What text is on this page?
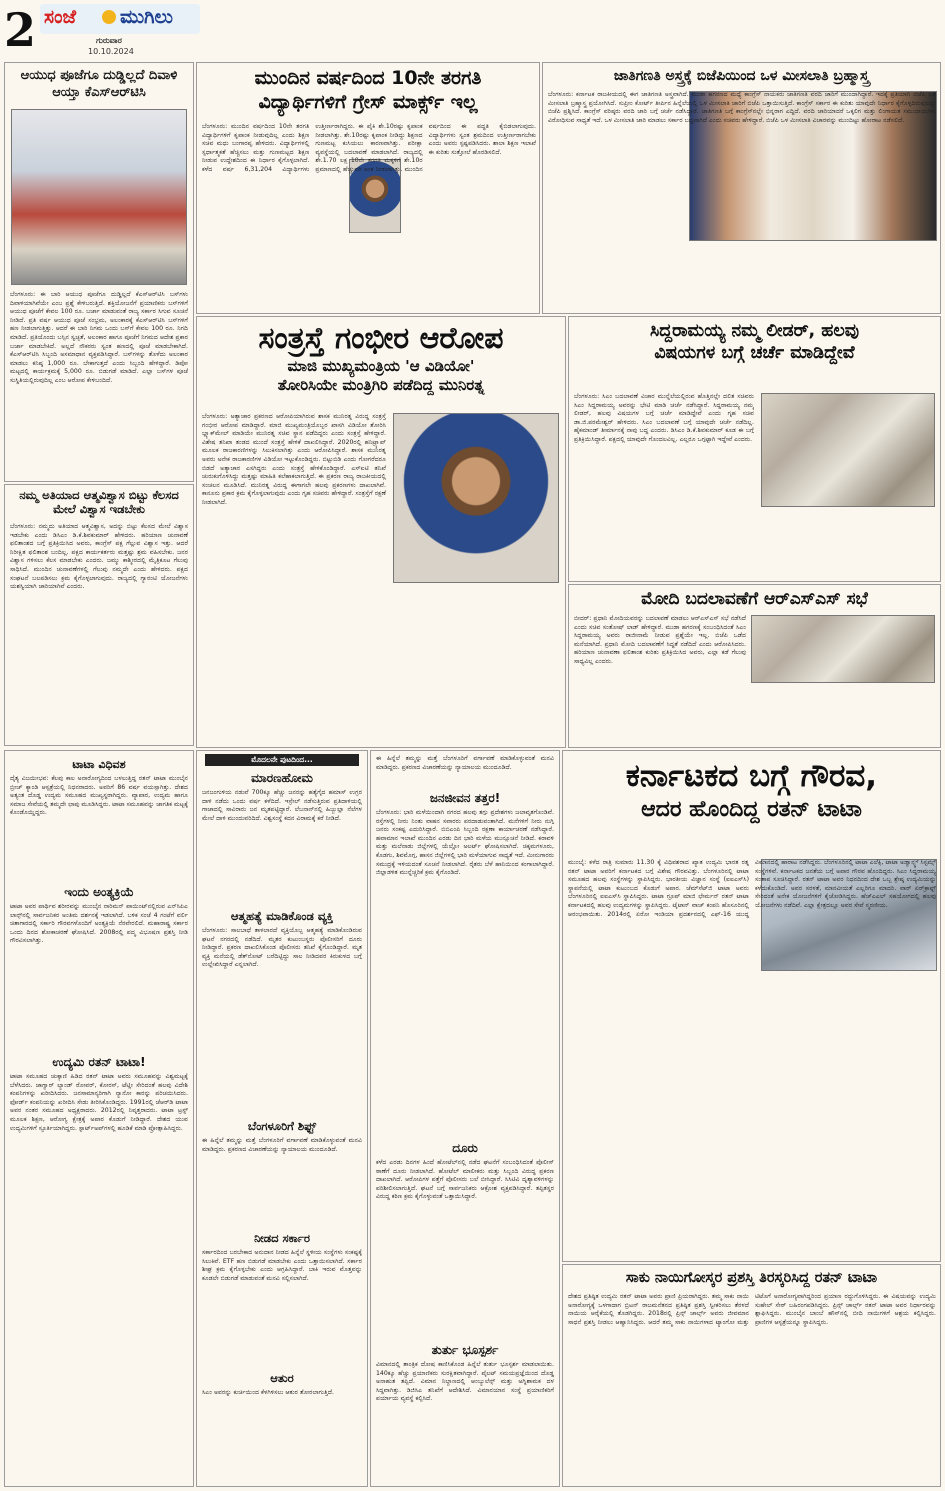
2 ಸಂಜೆ ಮುಗಿಲು
ಗುರುವಾರ
10.10.2024
ಆಯುಧ ಪೂಜೆಗೂ ದುಡ್ಡಿಲ್ಲದೆ ದಿವಾಳಿ ಆಯ್ತಾ ಕೆಎಸ್‌ಆರ್‌ಟಿಸಿ
ಬೆಂಗಳೂರು: ಈ ಬಾರಿ ಆಯುಧ ಪೂಜೆಗೂ ದುಡ್ಡಿಲ್ಲದೆ ಕೆಎಸ್‌ಆರ್‌ಟಿಸಿ ಬಸ್‌ಗಳು ದಿವಾಳಿಯಾಗಿವೆಯೇ ಎಂಬ ಪ್ರಶ್ನೆ ಕೇಳಿಬರುತ್ತಿದೆ. ಶಕ್ತಿಯೋಜನೆಗೆ ಪ್ರಯಾಣಿಕರು ಬಸ್‌ಗಳಿಗೆ ಆಯುಧ ಪೂಜೆಗೆ ಕೇವಲ 100 ರೂ. ಬರ್ಜಾ ಮಾಡುವಂತೆ ರಾಜ್ಯ ಸರ್ಕಾರ ಸಿಗುವ ಸೂಚನೆ ನೀಡಿದೆ. ಪ್ರತಿ ವರ್ಷ ಆಯುಧ ಪೂಜೆ ಸಂಭ್ರಮ, ಅಲಂಕಾರಕ್ಕೆ ಕೆಎಸ್‌ಆರ್‌ಟಿಸಿ ಬಸ್‌ಗಳಿಗೆ ಹಣ ನೀಡಲಾಗುತ್ತಿತ್ತು. ಆದರೆ ಈ ಬಾರಿ ನಿಗಮ ಒಂದು ಬಸ್‌ಗೆ ಕೇವಲ 100 ರೂ. ನಿಗದಿ ಮಾಡಿದೆ. ಪ್ರತಿಯೊಂದು ಬಸ್ಸಿನ ಸ್ವಚ್ಛತೆ, ಅಲಂಕಾರ ಹಾಗೂ ಪೂಜೆಗೆ ನಿಗಮದ ಆದೇಶ ಪ್ರಕಾರ ಬರ್ಜಾ ಮಾಡಬೇಕಿದೆ. ಅಲ್ಲದೆ ನೌಕರರು ಸ್ವಂತ ಹಣದಲ್ಲಿ ಪೂಜೆ ಮಾಡಬೇಕಾಗಿದೆ. ಕೆಎಸ್‌ಆರ್‌ಟಿಸಿ ಸಿಬ್ಬಂದಿ ಅಸಮಾಧಾನ ವ್ಯಕ್ತಪಡಿಸಿದ್ದಾರೆ. ಬಸ್‌ಗಳನ್ನು ತೊಳೆದು ಅಲಂಕಾರ ಮಾಡಲು ಕನಿಷ್ಠ 1,000 ರೂ. ಬೇಕಾಗುತ್ತದೆ ಎಂದು ಸಿಬ್ಬಂದಿ ಹೇಳಿದ್ದಾರೆ. ಡಿಪೋ ಮಟ್ಟದಲ್ಲಿ ಕಾರ್ಯಕ್ರಮಕ್ಕೆ 5,000 ರೂ. ಬಿಡುಗಡೆ ಮಾಡಿದೆ. ಎಲ್ಲಾ ಬಸ್‌ಗಳ ಪೂಜೆ ಸುಸ್ಥಿತಿಯಲ್ಲಿರುವುದಿಲ್ಲ ಎಂಬ ಆರೋಪ ಕೇಳಿಬಂದಿದೆ.
ನಮ್ಮ ಅತಿಯಾದ ಆತ್ಮವಿಶ್ವಾಸ ಬಿಟ್ಟು ಕೆಲಸದ ಮೇಲೆ ವಿಶ್ವಾಸ ಇಡಬೇಕು
ಬೆಂಗಳೂರು: ನಮ್ಮದು ಅತಿಯಾದ ಆತ್ಮವಿಶ್ವಾಸ, ಅದನ್ನು ಬಿಟ್ಟು ಕೆಲಸದ ಮೇಲೆ ವಿಶ್ವಾಸ ಇಡಬೇಕು ಎಂದು ಡಿಸಿಎಂ ಡಿ.ಕೆ.ಶಿವಕುಮಾರ್ ಹೇಳಿದರು. ಹರಿಯಾಣ ಚುನಾವಣೆ ಫಲಿತಾಂಶದ ಬಗ್ಗೆ ಪ್ರತಿಕ್ರಿಯಿಸಿದ ಅವರು, ಕಾಂಗ್ರೆಸ್ ಪಕ್ಷ ಗೆಲ್ಲುವ ವಿಶ್ವಾಸ ಇತ್ತು. ಆದರೆ ನಿರೀಕ್ಷಿತ ಫಲಿತಾಂಶ ಬಂದಿಲ್ಲ. ಪಕ್ಷದ ಕಾರ್ಯಕರ್ತರು ಮತ್ತಷ್ಟು ಶ್ರಮ ವಹಿಸಬೇಕು. ಜನರ ವಿಶ್ವಾಸ ಗಳಿಸಲು ಕೆಲಸ ಮಾಡಬೇಕು ಎಂದರು. ಜಮ್ಮು ಕಾಶ್ಮೀರದಲ್ಲಿ ಮೈತ್ರಿಕೂಟ ಗೆಲುವು ಸಾಧಿಸಿದೆ. ಮುಂದಿನ ಚುನಾವಣೆಗಳಲ್ಲಿ ಗೆಲುವು ನಮ್ಮದೇ ಎಂದು ಹೇಳಿದರು. ಪಕ್ಷದ ಸಂಘಟನೆ ಬಲಪಡಿಸಲು ಕ್ರಮ ಕೈಗೊಳ್ಳಲಾಗುವುದು. ರಾಜ್ಯದಲ್ಲಿ ಗ್ಯಾರಂಟಿ ಯೋಜನೆಗಳು ಯಶಸ್ವಿಯಾಗಿ ಜಾರಿಯಾಗಿವೆ ಎಂದರು.
ಮುಂದಿನ ವರ್ಷದಿಂದ 10ನೇ ತರಗತಿ
ವಿದ್ಯಾರ್ಥಿಗಳಿಗೆ ಗ್ರೇಸ್ ಮಾರ್ಕ್ಸ್ ಇಲ್ಲ
ಬೆಂಗಳೂರು: ಮುಂದಿನ ವರ್ಷದಿಂದ 10ನೇ ತರಗತಿ ವಿದ್ಯಾರ್ಥಿಗಳಿಗೆ ಕೃಪಾಂಕ ನೀಡುವುದಿಲ್ಲ ಎಂದು ಶಿಕ್ಷಣ ಸಚಿವ ಮಧು ಬಂಗಾರಪ್ಪ ಹೇಳಿದರು. ವಿದ್ಯಾರ್ಥಿಗಳಲ್ಲಿ ಸ್ಪರ್ಧಾತ್ಮಕತೆ ಹೆಚ್ಚಿಸಲು ಮತ್ತು ಗುಣಮಟ್ಟದ ಶಿಕ್ಷಣ ನೀಡುವ ಉದ್ದೇಶದಿಂದ ಈ ನಿರ್ಧಾರ ಕೈಗೊಳ್ಳಲಾಗಿದೆ. ಕಳೆದ ವರ್ಷ 6,31,204 ವಿದ್ಯಾರ್ಥಿಗಳು ಉತ್ತೀರ್ಣರಾಗಿದ್ದರು. ಈ ಪೈಕಿ ಶೇ.10ರಷ್ಟು ಕೃಪಾಂಕ ನೀಡಲಾಗಿತ್ತು. ಶೇ.10ರಷ್ಟು ಕೃಪಾಂಕ ನೀಡಿದ್ದು ಶಿಕ್ಷಣದ ಗುಣಮಟ್ಟ ಕುಸಿಯಲು ಕಾರಣವಾಗಿತ್ತು. ಪರೀಕ್ಷಾ ವ್ಯವಸ್ಥೆಯಲ್ಲಿ ಬದಲಾವಣೆ ಮಾಡಲಾಗಿದೆ. ರಾಜ್ಯದಲ್ಲಿ ಶೇ.1.70 ಲಕ್ಷ 10ನೇ ತರಗತಿ ಮಕ್ಕಳಿಗೆ ಶೇ.10ರ ಪ್ರಮಾಣದಲ್ಲಿ ಹೆಚ್ಚುವರಿ ಅಂಕ ನೀಡಲಾಗಿತ್ತು. ಮುಂದಿನ ವರ್ಷದಿಂದ ಈ ಪದ್ಧತಿ ಕೈಬಿಡಲಾಗುವುದು. ವಿದ್ಯಾರ್ಥಿಗಳು ಸ್ವಂತ ಶ್ರಮದಿಂದ ಉತ್ತೀರ್ಣರಾಗಬೇಕು ಎಂದು ಅವರು ಸ್ಪಷ್ಟಪಡಿಸಿದರು. ಶಾಲಾ ಶಿಕ್ಷಣ ಇಲಾಖೆ ಈ ಕುರಿತು ಸುತ್ತೋಲೆ ಹೊರಡಿಸಲಿದೆ.
ಜಾತಿಗಣತಿ ಅಸ್ತ್ರಕ್ಕೆ ಬಿಜೆಪಿಯಿಂದ ಒಳ ಮೀಸಲಾತಿ ಬ್ರಹ್ಮಾಸ್ತ್ರ
ಬೆಂಗಳೂರು: ಕರ್ನಾಟಕ ರಾಜಕೀಯದಲ್ಲಿ ಈಗ ಜಾತಿಗಣತಿ ಅಸ್ತ್ರವಾಗಿದೆ. ಮುಡಾ ಹಗರಣದ ಮಧ್ಯೆ ಕಾಂಗ್ರೆಸ್ ನಾಯಕರು ಜಾತಿಗಣತಿ ವರದಿ ಜಾರಿಗೆ ಮುಂದಾಗಿದ್ದಾರೆ. ಇದಕ್ಕೆ ಪ್ರತಿಯಾಗಿ ಬಿಜೆಪಿ ಒಳ ಮೀಸಲಾತಿ ಬ್ರಹ್ಮಾಸ್ತ್ರ ಪ್ರಯೋಗಿಸಿದೆ. ಸುಪ್ರೀಂ ಕೋರ್ಟ್ ತೀರ್ಪಿನ ಹಿನ್ನೆಲೆಯಲ್ಲಿ ಒಳ ಮೀಸಲಾತಿ ಜಾರಿಗೆ ಬಿಜೆಪಿ ಒತ್ತಾಯಿಸುತ್ತಿದೆ. ಕಾಂಗ್ರೆಸ್ ಸರ್ಕಾರ ಈ ಕುರಿತು ಯಾವುದೇ ನಿರ್ಧಾರ ಕೈಗೊಳ್ಳದಿರುವುದನ್ನು ಬಿಜೆಪಿ ಪ್ರಶ್ನಿಸಿದೆ. ಕಾಂಗ್ರೆಸ್ ವರಿಷ್ಠರು ವರದಿ ಜಾರಿ ಬಗ್ಗೆ ಚರ್ಚೆ ನಡೆಸಿದ್ದಾರೆ. ಜಾತಿಗಣತಿ ಬಗ್ಗೆ ಕಾಂಗ್ರೆಸ್‌ನಲ್ಲೇ ಭಿನ್ನರಾಗ ಎದ್ದಿದೆ. ವರದಿ ಜಾರಿಯಾದರೆ ಒಕ್ಕಲಿಗ ಮತ್ತು ಲಿಂಗಾಯತ ಸಮುದಾಯಗಳು ವಿರೋಧಿಸುವ ಸಾಧ್ಯತೆ ಇದೆ. ಒಳ ಮೀಸಲಾತಿ ಜಾರಿ ಮಾಡಲು ಸರ್ಕಾರ ಬದ್ಧವಾಗಿದೆ ಎಂದು ಸಚಿವರು ಹೇಳಿದ್ದಾರೆ. ಬಿಜೆಪಿ ಒಳ ಮೀಸಲಾತಿ ವಿಚಾರವನ್ನು ಮುಂದಿಟ್ಟು ಹೋರಾಟ ನಡೆಸಲಿದೆ.
ಸಂತ್ರಸ್ತೆ ಗಂಭೀರ ಆರೋಪ
ಮಾಜಿ ಮುಖ್ಯಮಂತ್ರಿಯ 'ಆ ವಿಡಿಯೋ'
ತೋರಿಸಿಯೇ ಮಂತ್ರಿಗಿರಿ ಪಡೆದಿದ್ದ ಮುನಿರತ್ನ
ಬೆಂಗಳೂರು: ಅತ್ಯಾಚಾರ ಪ್ರಕರಣದ ಆರೋಪಿಯಾಗಿರುವ ಶಾಸಕ ಮುನಿರತ್ನ ವಿರುದ್ಧ ಸಂತ್ರಸ್ತೆ ಗಂಭೀರ ಆರೋಪ ಮಾಡಿದ್ದಾರೆ. ಮಾಜಿ ಮುಖ್ಯಮಂತ್ರಿಯೊಬ್ಬರ ಖಾಸಗಿ ವಿಡಿಯೋ ತೋರಿಸಿ ಬ್ಲ್ಯಾಕ್‌ಮೇಲ್ ಮಾಡಿಯೇ ಮುನಿರತ್ನ ಸಚಿವ ಸ್ಥಾನ ಪಡೆದಿದ್ದರು ಎಂದು ಸಂತ್ರಸ್ತೆ ಹೇಳಿದ್ದಾರೆ. ವಿಶೇಷ ತನಿಖಾ ತಂಡದ ಮುಂದೆ ಸಂತ್ರಸ್ತೆ ಹೇಳಿಕೆ ದಾಖಲಿಸಿದ್ದಾರೆ. 2020ರಲ್ಲಿ ಹನಿಟ್ರ್ಯಾಪ್ ಮೂಲಕ ರಾಜಕಾರಣಿಗಳನ್ನು ಸಿಲುಕಿಸಲಾಗಿತ್ತು ಎಂದು ಆರೋಪಿಸಿದ್ದಾರೆ. ಶಾಸಕ ಮುನಿರತ್ನ ಅವರು ಅನೇಕ ರಾಜಕಾರಣಿಗಳ ವಿಡಿಯೋ ಇಟ್ಟುಕೊಂಡಿದ್ದರು. ಬಿಟ್ಟುಬಿಡಿ ಎಂದು ಗೋಗರೆದರೂ ಬಿಡದೆ ಅತ್ಯಾಚಾರ ಎಸಗಿದ್ದರು ಎಂದು ಸಂತ್ರಸ್ತೆ ಹೇಳಿಕೊಂಡಿದ್ದಾರೆ. ಎಸ್‌ಐಟಿ ತನಿಖೆ ಚುರುಕುಗೊಳಿಸಿದ್ದು ಮತ್ತಷ್ಟು ಮಾಹಿತಿ ಕಲೆಹಾಕಲಾಗುತ್ತಿದೆ. ಈ ಪ್ರಕರಣ ರಾಜ್ಯ ರಾಜಕೀಯದಲ್ಲಿ ಸಂಚಲನ ಮೂಡಿಸಿದೆ. ಮುನಿರತ್ನ ವಿರುದ್ಧ ಈಗಾಗಲೇ ಹಲವು ಪ್ರಕರಣಗಳು ದಾಖಲಾಗಿವೆ. ಕಾನೂನು ಪ್ರಕಾರ ಕ್ರಮ ಕೈಗೊಳ್ಳಲಾಗುವುದು ಎಂದು ಗೃಹ ಸಚಿವರು ಹೇಳಿದ್ದಾರೆ. ಸಂತ್ರಸ್ತೆಗೆ ರಕ್ಷಣೆ ನೀಡಲಾಗಿದೆ.
ಸಿದ್ದರಾಮಯ್ಯ ನಮ್ಮ ಲೀಡರ್, ಹಲವು
ವಿಷಯಗಳ ಬಗ್ಗೆ ಚರ್ಚೆ ಮಾಡಿದ್ದೇವೆ
ಬೆಂಗಳೂರು: ಸಿಎಂ ಬದಲಾವಣೆ ವಿಚಾರ ಮುನ್ನೆಲೆಯಲ್ಲಿರುವ ಹೊತ್ತಿನಲ್ಲೇ ದಲಿತ ಸಚಿವರು ಸಿಎಂ ಸಿದ್ದರಾಮಯ್ಯ ಅವರನ್ನು ಭೇಟಿ ಮಾಡಿ ಚರ್ಚೆ ನಡೆಸಿದ್ದಾರೆ. ಸಿದ್ದರಾಮಯ್ಯ ನಮ್ಮ ಲೀಡರ್, ಹಲವು ವಿಷಯಗಳ ಬಗ್ಗೆ ಚರ್ಚೆ ಮಾಡಿದ್ದೇವೆ ಎಂದು ಗೃಹ ಸಚಿವ ಡಾ.ಜಿ.ಪರಮೇಶ್ವರ್ ಹೇಳಿದರು. ಸಿಎಂ ಬದಲಾವಣೆ ಬಗ್ಗೆ ಯಾವುದೇ ಚರ್ಚೆ ನಡೆದಿಲ್ಲ. ಹೈಕಮಾಂಡ್ ತೀರ್ಮಾನಕ್ಕೆ ನಾವು ಬದ್ಧ ಎಂದರು. ಡಿಸಿಎಂ ಡಿ.ಕೆ.ಶಿವಕುಮಾರ್ ಕೂಡ ಈ ಬಗ್ಗೆ ಪ್ರತಿಕ್ರಿಯಿಸಿದ್ದಾರೆ. ಪಕ್ಷದಲ್ಲಿ ಯಾವುದೇ ಗೊಂದಲವಿಲ್ಲ. ಎಲ್ಲರೂ ಒಗ್ಗಟ್ಟಾಗಿ ಇದ್ದೇವೆ ಎಂದರು.
ಮೋದಿ ಬದಲಾವಣೆಗೆ ಆರ್‌ಎಸ್‌ಎಸ್ ಸಭೆ
ಬೀದರ್: ಪ್ರಧಾನಿ ಮೋದಿಯವರನ್ನು ಬದಲಾವಣೆ ಮಾಡಲು ಆರ್‌ಎಸ್‌ಎಸ್ ಸಭೆ ನಡೆಸಿದೆ ಎಂದು ಸಚಿವ ಸಂತೋಷ್ ಲಾಡ್ ಹೇಳಿದ್ದಾರೆ. ಮುಡಾ ಹಗರಣಕ್ಕೆ ಸಂಬಂಧಿಸಿದಂತೆ ಸಿಎಂ ಸಿದ್ದರಾಮಯ್ಯ ಅವರು ರಾಜೀನಾಮೆ ನೀಡುವ ಪ್ರಶ್ನೆಯೇ ಇಲ್ಲ. ಬಿಜೆಪಿ ಒಡೆದ ಮನೆಯಾಗಿದೆ. ಪ್ರಧಾನಿ ಮೋದಿ ಬದಲಾವಣೆಗೆ ಸಿದ್ಧತೆ ನಡೆದಿದೆ ಎಂದು ಆರೋಪಿಸಿದರು. ಹರಿಯಾಣ ಚುನಾವಣಾ ಫಲಿತಾಂಶ ಕುರಿತು ಪ್ರತಿಕ್ರಿಯಿಸಿದ ಅವರು, ಎಲ್ಲಾ ಕಡೆ ಗೆಲುವು ಸಾಧ್ಯವಿಲ್ಲ ಎಂದರು.
ಟಾಟಾ ವಿಧಿವಶ
ದೈತ್ಯ ವಿಜಯೀಭವ: ಕೆಲವು ಕಾಲ ಅನಾರೋಗ್ಯದಿಂದ ಬಳಲುತ್ತಿದ್ದ ರತನ್ ಟಾಟಾ ಮುಂಬೈನ ಬ್ರೀಚ್ ಕ್ಯಾಂಡಿ ಆಸ್ಪತ್ರೆಯಲ್ಲಿ ನಿಧನರಾದರು. ಅವರಿಗೆ 86 ವರ್ಷ ವಯಸ್ಸಾಗಿತ್ತು. ದೇಶದ ಅತ್ಯಂತ ದೊಡ್ಡ ಉದ್ಯಮ ಸಮೂಹದ ಮುಖ್ಯಸ್ಥರಾಗಿದ್ದರು. ವ್ಯಾಪಾರ, ಉದ್ಯಮ ಹಾಗೂ ಸಮಾಜ ಸೇವೆಯಲ್ಲಿ ತಮ್ಮದೇ ಛಾಪು ಮೂಡಿಸಿದ್ದರು. ಟಾಟಾ ಸಮೂಹವನ್ನು ಜಾಗತಿಕ ಮಟ್ಟಕ್ಕೆ ಕೊಂಡೊಯ್ದಿದ್ದರು.
ಇಂದು ಅಂತ್ಯಕ್ರಿಯೆ
ಟಾಟಾ ಅವರ ಪಾರ್ಥಿವ ಶರೀರವನ್ನು ಮುಂಬೈನ ನಾರಿಮನ್ ಪಾಯಿಂಟ್‌ನಲ್ಲಿರುವ ಎನ್‌ಸಿಪಿಎ ಲಾನ್ಸ್‌ನಲ್ಲಿ ಸಾರ್ವಜನಿಕರ ಅಂತಿಮ ದರ್ಶನಕ್ಕೆ ಇಡಲಾಗಿದೆ. ಬಳಿಕ ಸಂಜೆ 4 ಗಂಟೆಗೆ ವರ್ಲಿ ಚಿತಾಗಾರದಲ್ಲಿ ಸರ್ಕಾರಿ ಗೌರವಗಳೊಂದಿಗೆ ಅಂತ್ಯಕ್ರಿಯೆ ನೆರವೇರಲಿದೆ. ಮಹಾರಾಷ್ಟ್ರ ಸರ್ಕಾರ ಒಂದು ದಿನದ ಶೋಕಾಚರಣೆ ಘೋಷಿಸಿದೆ. 2008ರಲ್ಲಿ ಪದ್ಮ ವಿಭೂಷಣ ಪ್ರಶಸ್ತಿ ನೀಡಿ ಗೌರವಿಸಲಾಗಿತ್ತು.
ಉದ್ಯಮಿ ರತನ್ ಟಾಟಾ!
ಟಾಟಾ ಸಮೂಹದ ಚುಕ್ಕಾಣಿ ಹಿಡಿದ ರತನ್ ಟಾಟಾ ಅವರು ಸಮೂಹವನ್ನು ವಿಶ್ವಮಟ್ಟಕ್ಕೆ ಬೆಳೆಸಿದರು. ಜಾಗ್ವಾರ್ ಲ್ಯಾಂಡ್ ರೋವರ್, ಕೋರಸ್, ಟೆಟ್ಲೀ ಸೇರಿದಂತೆ ಹಲವು ವಿದೇಶಿ ಕಂಪನಿಗಳನ್ನು ಖರೀದಿಸಿದರು. ಜನಸಾಮಾನ್ಯರಿಗಾಗಿ ನ್ಯಾನೋ ಕಾರನ್ನು ಪರಿಚಯಿಸಿದರು. ಫೋರ್ಡ್ ಕಂಪನಿಯನ್ನು ಖರೀದಿಸಿ ಸೇಡು ತೀರಿಸಿಕೊಂಡಿದ್ದರು. 1991ರಲ್ಲಿ ಜೆಆರ್‌ಡಿ ಟಾಟಾ ಅವರ ನಂತರ ಸಮೂಹದ ಅಧ್ಯಕ್ಷರಾದರು. 2012ರಲ್ಲಿ ನಿವೃತ್ತರಾದರು. ಟಾಟಾ ಟ್ರಸ್ಟ್ ಮೂಲಕ ಶಿಕ್ಷಣ, ಆರೋಗ್ಯ ಕ್ಷೇತ್ರಕ್ಕೆ ಅಪಾರ ಕೊಡುಗೆ ನೀಡಿದ್ದಾರೆ. ದೇಶದ ಯುವ ಉದ್ಯಮಿಗಳಿಗೆ ಸ್ಫೂರ್ತಿಯಾಗಿದ್ದರು. ಸ್ಟಾರ್ಟ್‌ಅಪ್‌ಗಳಲ್ಲಿ ಹೂಡಿಕೆ ಮಾಡಿ ಪ್ರೋತ್ಸಾಹಿಸಿದ್ದರು.
ಮೊದಲನೇ ಪುಟದಿಂದ...
ಮಾರಣಹೋಮ
ಜನಜಂಗುಳಿಯ ನಡುವೆ 700ಕ್ಕೂ ಹೆಚ್ಚು ಜನರನ್ನು ಹತ್ಯೆಗೈದ ಹಮಾಸ್ ಉಗ್ರರ ದಾಳಿ ನಡೆದು ಒಂದು ವರ್ಷ ಕಳೆದಿದೆ. ಇಸ್ರೇಲ್ ನಡೆಸುತ್ತಿರುವ ಪ್ರತಿದಾಳಿಯಲ್ಲಿ ಗಾಜಾದಲ್ಲಿ ಸಾವಿರಾರು ಜನ ಮೃತಪಟ್ಟಿದ್ದಾರೆ. ಲೆಬನಾನ್‌ನಲ್ಲಿ ಹಿಜ್ಬುಲ್ಲಾ ನೆಲೆಗಳ ಮೇಲೆ ದಾಳಿ ಮುಂದುವರಿದಿದೆ. ವಿಶ್ವಸಂಸ್ಥೆ ಕದನ ವಿರಾಮಕ್ಕೆ ಕರೆ ನೀಡಿದೆ.
ಆತ್ಮಹತ್ಯೆ ಮಾಡಿಕೊಂಡ ವ್ಯಕ್ತಿ
ಬೆಂಗಳೂರು: ಸಾಲಬಾಧೆ ತಾಳಲಾರದೆ ವ್ಯಕ್ತಿಯೊಬ್ಬ ಆತ್ಮಹತ್ಯೆ ಮಾಡಿಕೊಂಡಿರುವ ಘಟನೆ ನಗರದಲ್ಲಿ ನಡೆದಿದೆ. ಮೃತರ ಕುಟುಂಬಸ್ಥರು ಪೊಲೀಸರಿಗೆ ದೂರು ನೀಡಿದ್ದಾರೆ. ಪ್ರಕರಣ ದಾಖಲಿಸಿಕೊಂಡ ಪೊಲೀಸರು ತನಿಖೆ ಕೈಗೊಂಡಿದ್ದಾರೆ. ಮೃತ ವ್ಯಕ್ತಿ ಮನೆಯಲ್ಲಿ ಡೆತ್‌ನೋಟ್ ಬರೆದಿಟ್ಟಿದ್ದು ಸಾಲ ನೀಡಿದವರ ಕಿರುಕುಳದ ಬಗ್ಗೆ ಉಲ್ಲೇಖಿಸಿದ್ದಾರೆ ಎನ್ನಲಾಗಿದೆ.
ಬೆಂಗಳೂರಿಗೆ ಶಿಫ್ಟ್
ಈ ಹಿನ್ನೆಲೆ ತಮ್ಮನ್ನು ಮತ್ತೆ ಬೆಂಗಳೂರಿಗೆ ವರ್ಗಾವಣೆ ಮಾಡಿಕೊಳ್ಳುವಂತೆ ಮನವಿ ಮಾಡಿದ್ದರು. ಪ್ರಕರಣದ ವಿಚಾರಣೆಯನ್ನು ನ್ಯಾಯಾಲಯ ಮುಂದೂಡಿದೆ.
ನೀಡದ ಸರ್ಕಾರ
ಸರ್ಕಾರದಿಂದ ಬರಬೇಕಾದ ಅನುದಾನ ನೀಡದ ಹಿನ್ನೆಲೆ ಸ್ಥಳೀಯ ಸಂಸ್ಥೆಗಳು ಸಂಕಷ್ಟಕ್ಕೆ ಸಿಲುಕಿವೆ. ETF ಹಣ ಬಿಡುಗಡೆ ಮಾಡಬೇಕು ಎಂದು ಒತ್ತಾಯಿಸಲಾಗಿದೆ. ಸರ್ಕಾರ ಶೀಘ್ರ ಕ್ರಮ ಕೈಗೊಳ್ಳಬೇಕು ಎಂದು ಆಗ್ರಹಿಸಿದ್ದಾರೆ. ಬಾಕಿ ಇರುವ ಮೊತ್ತವನ್ನು ಕೂಡಲೇ ಬಿಡುಗಡೆ ಮಾಡುವಂತೆ ಮನವಿ ಸಲ್ಲಿಸಲಾಗಿದೆ.
ಆತುರ
ಸಿಎಂ ಅವರನ್ನು ಕುರ್ಚಿಯಿಂದ ಕೆಳಗಿಳಿಸಲು ಆತುರ ತೋರಲಾಗುತ್ತಿದೆ.
ಈ ಹಿನ್ನೆಲೆ ತಮ್ಮನ್ನು ಮತ್ತೆ ಬೆಂಗಳೂರಿಗೆ ವರ್ಗಾವಣೆ ಮಾಡಿಕೊಳ್ಳುವಂತೆ ಮನವಿ ಮಾಡಿದ್ದರು. ಪ್ರಕರಣದ ವಿಚಾರಣೆಯನ್ನು ನ್ಯಾಯಾಲಯ ಮುಂದೂಡಿದೆ.
ಜನಜೀವನ ತತ್ತರ!
ಬೆಂಗಳೂರು: ಭಾರಿ ಮಳೆಯಿಂದಾಗಿ ನಗರದ ಹಲವು ತಗ್ಗು ಪ್ರದೇಶಗಳು ಜಲಾವೃತಗೊಂಡಿವೆ. ರಸ್ತೆಗಳಲ್ಲಿ ನೀರು ನಿಂತು ವಾಹನ ಸವಾರರು ಪರದಾಡುವಂತಾಗಿದೆ. ಮನೆಗಳಿಗೆ ನೀರು ನುಗ್ಗಿ ಜನರು ಸಂಕಷ್ಟ ಎದುರಿಸಿದ್ದಾರೆ. ಬಿಬಿಎಂಪಿ ಸಿಬ್ಬಂದಿ ರಕ್ಷಣಾ ಕಾರ್ಯಾಚರಣೆ ನಡೆಸಿದ್ದಾರೆ. ಹವಾಮಾನ ಇಲಾಖೆ ಮುಂದಿನ ಎರಡು ದಿನ ಭಾರಿ ಮಳೆಯ ಮುನ್ಸೂಚನೆ ನೀಡಿದೆ. ಕರಾವಳಿ ಮತ್ತು ಮಲೆನಾಡು ಜಿಲ್ಲೆಗಳಲ್ಲಿ ಯೆಲ್ಲೋ ಅಲರ್ಟ್ ಘೋಷಿಸಲಾಗಿದೆ. ಚಿಕ್ಕಮಗಳೂರು, ಕೊಡಗು, ಶಿವಮೊಗ್ಗ, ಹಾಸನ ಜಿಲ್ಲೆಗಳಲ್ಲಿ ಭಾರಿ ಮಳೆಯಾಗುವ ಸಾಧ್ಯತೆ ಇದೆ. ಮೀನುಗಾರರು ಸಮುದ್ರಕ್ಕೆ ಇಳಿಯದಂತೆ ಸೂಚನೆ ನೀಡಲಾಗಿದೆ. ರೈತರು ಬೆಳೆ ಹಾನಿಯಿಂದ ಕಂಗಾಲಾಗಿದ್ದಾರೆ. ಜಿಲ್ಲಾಡಳಿತ ಮುನ್ನೆಚ್ಚರಿಕೆ ಕ್ರಮ ಕೈಗೊಂಡಿದೆ.
ದೂರು
ಕಳೆದ ಎರಡು ದಿನಗಳ ಹಿಂದೆ ಹೋಟೆಲ್‌ನಲ್ಲಿ ನಡೆದ ಘಟನೆಗೆ ಸಂಬಂಧಿಸಿದಂತೆ ಪೊಲೀಸ್ ಠಾಣೆಗೆ ದೂರು ನೀಡಲಾಗಿದೆ. ಹೋಟೆಲ್ ಮಾಲೀಕರು ಮತ್ತು ಸಿಬ್ಬಂದಿ ವಿರುದ್ಧ ಪ್ರಕರಣ ದಾಖಲಾಗಿದೆ. ಆರೋಪಿಗಳ ಪತ್ತೆಗೆ ಪೊಲೀಸರು ಬಲೆ ಬೀಸಿದ್ದಾರೆ. ಸಿಸಿಟಿವಿ ದೃಶ್ಯಾವಳಿಗಳನ್ನು ಪರಿಶೀಲಿಸಲಾಗುತ್ತಿದೆ. ಘಟನೆ ಬಗ್ಗೆ ಸಾರ್ವಜನಿಕರು ಆಕ್ರೋಶ ವ್ಯಕ್ತಪಡಿಸಿದ್ದಾರೆ. ತಪ್ಪಿತಸ್ಥರ ವಿರುದ್ಧ ಕಠಿಣ ಕ್ರಮ ಕೈಗೊಳ್ಳುವಂತೆ ಒತ್ತಾಯಿಸಿದ್ದಾರೆ.
ತುರ್ತು ಭೂಸ್ಪರ್ಶ
ವಿಮಾನದಲ್ಲಿ ತಾಂತ್ರಿಕ ದೋಷ ಕಾಣಿಸಿಕೊಂಡ ಹಿನ್ನೆಲೆ ತುರ್ತು ಭೂಸ್ಪರ್ಶ ಮಾಡಲಾಯಿತು. 140ಕ್ಕೂ ಹೆಚ್ಚು ಪ್ರಯಾಣಿಕರು ಸುರಕ್ಷಿತವಾಗಿದ್ದಾರೆ. ಪೈಲಟ್ ಸಮಯಪ್ರಜ್ಞೆಯಿಂದ ದೊಡ್ಡ ಅನಾಹುತ ತಪ್ಪಿದೆ. ವಿಮಾನ ನಿಲ್ದಾಣದಲ್ಲಿ ಆಂಬ್ಯುಲೆನ್ಸ್ ಮತ್ತು ಅಗ್ನಿಶಾಮಕ ದಳ ಸಿದ್ಧವಾಗಿತ್ತು. ಡಿಜಿಸಿಎ ತನಿಖೆಗೆ ಆದೇಶಿಸಿದೆ. ವಿಮಾನಯಾನ ಸಂಸ್ಥೆ ಪ್ರಯಾಣಿಕರಿಗೆ ಪರ್ಯಾಯ ವ್ಯವಸ್ಥೆ ಕಲ್ಪಿಸಿದೆ.
ಕರ್ನಾಟಕದ ಬಗ್ಗೆ ಗೌರವ,
ಆದರ ಹೊಂದಿದ್ದ ರತನ್ ಟಾಟಾ
ಮುಂಬೈ: ಕಳೆದ ರಾತ್ರಿ ಸುಮಾರು 11.30 ಕ್ಕೆ ವಿಧಿವಶರಾದ ಖ್ಯಾತ ಉದ್ಯಮಿ ಭಾರತ ರತ್ನ ರತನ್ ಟಾಟಾ ಅವರಿಗೆ ಕರ್ನಾಟಕದ ಬಗ್ಗೆ ವಿಶೇಷ ಗೌರವವಿತ್ತು. ಬೆಂಗಳೂರಿನಲ್ಲಿ ಟಾಟಾ ಸಮೂಹದ ಹಲವು ಸಂಸ್ಥೆಗಳನ್ನು ಸ್ಥಾಪಿಸಿದ್ದರು. ಭಾರತೀಯ ವಿಜ್ಞಾನ ಸಂಸ್ಥೆ (ಐಐಎಸ್‌ಸಿ) ಸ್ಥಾಪನೆಯಲ್ಲಿ ಟಾಟಾ ಕುಟುಂಬದ ಕೊಡುಗೆ ಅಪಾರ. ಜೆಮ್‌ಸೆಟ್‌ಜಿ ಟಾಟಾ ಅವರು ಬೆಂಗಳೂರಿನಲ್ಲಿ ಐಐಎಸ್‌ಸಿ ಸ್ಥಾಪಿಸಿದ್ದರು. ಟಾಟಾ ಗ್ರೂಪ್ ಮಾಜಿ ಛೇರ್ಮನ್ ರತನ್ ಟಾಟಾ ಕರ್ನಾಟಕದಲ್ಲಿ ಹಲವು ಉದ್ಯಮಗಳನ್ನು ಸ್ಥಾಪಿಸಿದ್ದರು. ಟೈಟಾನ್ ವಾಚ್ ಕಂಪನಿ ಹೊಸೂರಿನಲ್ಲಿ ಆರಂಭವಾಯಿತು. 2014ರಲ್ಲಿ ಏರೋ ಇಂಡಿಯಾ ಪ್ರದರ್ಶನದಲ್ಲಿ ಎಫ್-16 ಯುದ್ಧ ವಿಮಾನದಲ್ಲಿ ಹಾರಾಟ ನಡೆಸಿದ್ದರು. ಬೆಂಗಳೂರಿನಲ್ಲಿ ಟಾಟಾ ಎಲೆಕ್ಸಿ, ಟಾಟಾ ಅಡ್ವಾನ್ಸ್ಡ್ ಸಿಸ್ಟಮ್ಸ್ ಸಂಸ್ಥೆಗಳಿವೆ. ಕರ್ನಾಟಕದ ಜನತೆಯ ಬಗ್ಗೆ ಅಪಾರ ಗೌರವ ಹೊಂದಿದ್ದರು. ಸಿಎಂ ಸಿದ್ದರಾಮಯ್ಯ ಸಂತಾಪ ಸೂಚಿಸಿದ್ದಾರೆ. ರತನ್ ಟಾಟಾ ಅವರ ನಿಧನದಿಂದ ದೇಶ ಒಬ್ಬ ಶ್ರೇಷ್ಠ ಉದ್ಯಮಿಯನ್ನು ಕಳೆದುಕೊಂಡಿದೆ. ಅವರ ಸರಳತೆ, ಮಾನವೀಯತೆ ಎಲ್ಲರಿಗೂ ಮಾದರಿ. ವಾರ್ ಏರ್‌ಕ್ರಾಫ್ಟ್ ಸೇರಿದಂತೆ ಅನೇಕ ಯೋಜನೆಗಳಿಗೆ ಕೈಜೋಡಿಸಿದ್ದರು. ಹೆಚ್‌ಎಎಲ್ ಸಹಯೋಗದಲ್ಲಿ ಹಲವು ಯೋಜನೆಗಳು ನಡೆದಿವೆ. ಎಲ್ಲಾ ಕ್ಷೇತ್ರದಲ್ಲೂ ಅವರ ಸೇವೆ ಸ್ಮರಣೀಯ.
ಸಾಕು ನಾಯಿಗೋಸ್ಕರ ಪ್ರಶಸ್ತಿ ತಿರಸ್ಕರಿಸಿದ್ದ ರತನ್ ಟಾಟಾ
ದೇಶದ ಪ್ರತಿಷ್ಠಿತ ಉದ್ಯಮಿ ರತನ್ ಟಾಟಾ ಅವರು ಪ್ರಾಣಿ ಪ್ರಿಯರಾಗಿದ್ದರು. ತಮ್ಮ ಸಾಕು ನಾಯಿ ಅನಾರೋಗ್ಯಕ್ಕೆ ಒಳಗಾದಾಗ ಬ್ರಿಟನ್ ರಾಜಮನೆತನದ ಪ್ರತಿಷ್ಠಿತ ಪ್ರಶಸ್ತಿ ಸ್ವೀಕರಿಸಲು ತೆರಳದೆ ನಾಯಿಯ ಆರೈಕೆಯಲ್ಲಿ ತೊಡಗಿದ್ದರು. 2018ರಲ್ಲಿ ಪ್ರಿನ್ಸ್ ಚಾರ್ಲ್ಸ್ ಅವರು ಜೀವಮಾನ ಸಾಧನೆ ಪ್ರಶಸ್ತಿ ನೀಡಲು ಆಹ್ವಾನಿಸಿದ್ದರು. ಆದರೆ ತಮ್ಮ ಸಾಕು ನಾಯಿಗಳಾದ ಟ್ಯಾಂಗೋ ಮತ್ತು ಟಿಟೊಗೆ ಅನಾರೋಗ್ಯವಾಗಿದ್ದರಿಂದ ಪ್ರಯಾಣ ರದ್ದುಗೊಳಿಸಿದ್ದರು. ಈ ವಿಷಯವನ್ನು ಉದ್ಯಮಿ ಸುಹೇಲ್ ಸೇಠ್ ಬಹಿರಂಗಪಡಿಸಿದ್ದರು. ಪ್ರಿನ್ಸ್ ಚಾರ್ಲ್ಸ್ ರತನ್ ಟಾಟಾ ಅವರ ನಿರ್ಧಾರವನ್ನು ಶ್ಲಾಘಿಸಿದ್ದರು. ಮುಂಬೈನ ಬಾಂಬೆ ಹೌಸ್‌ನಲ್ಲಿ ಬೀದಿ ನಾಯಿಗಳಿಗೆ ಆಶ್ರಯ ಕಲ್ಪಿಸಿದ್ದರು. ಪ್ರಾಣಿಗಳ ಆಸ್ಪತ್ರೆಯನ್ನೂ ಸ್ಥಾಪಿಸಿದ್ದರು.
